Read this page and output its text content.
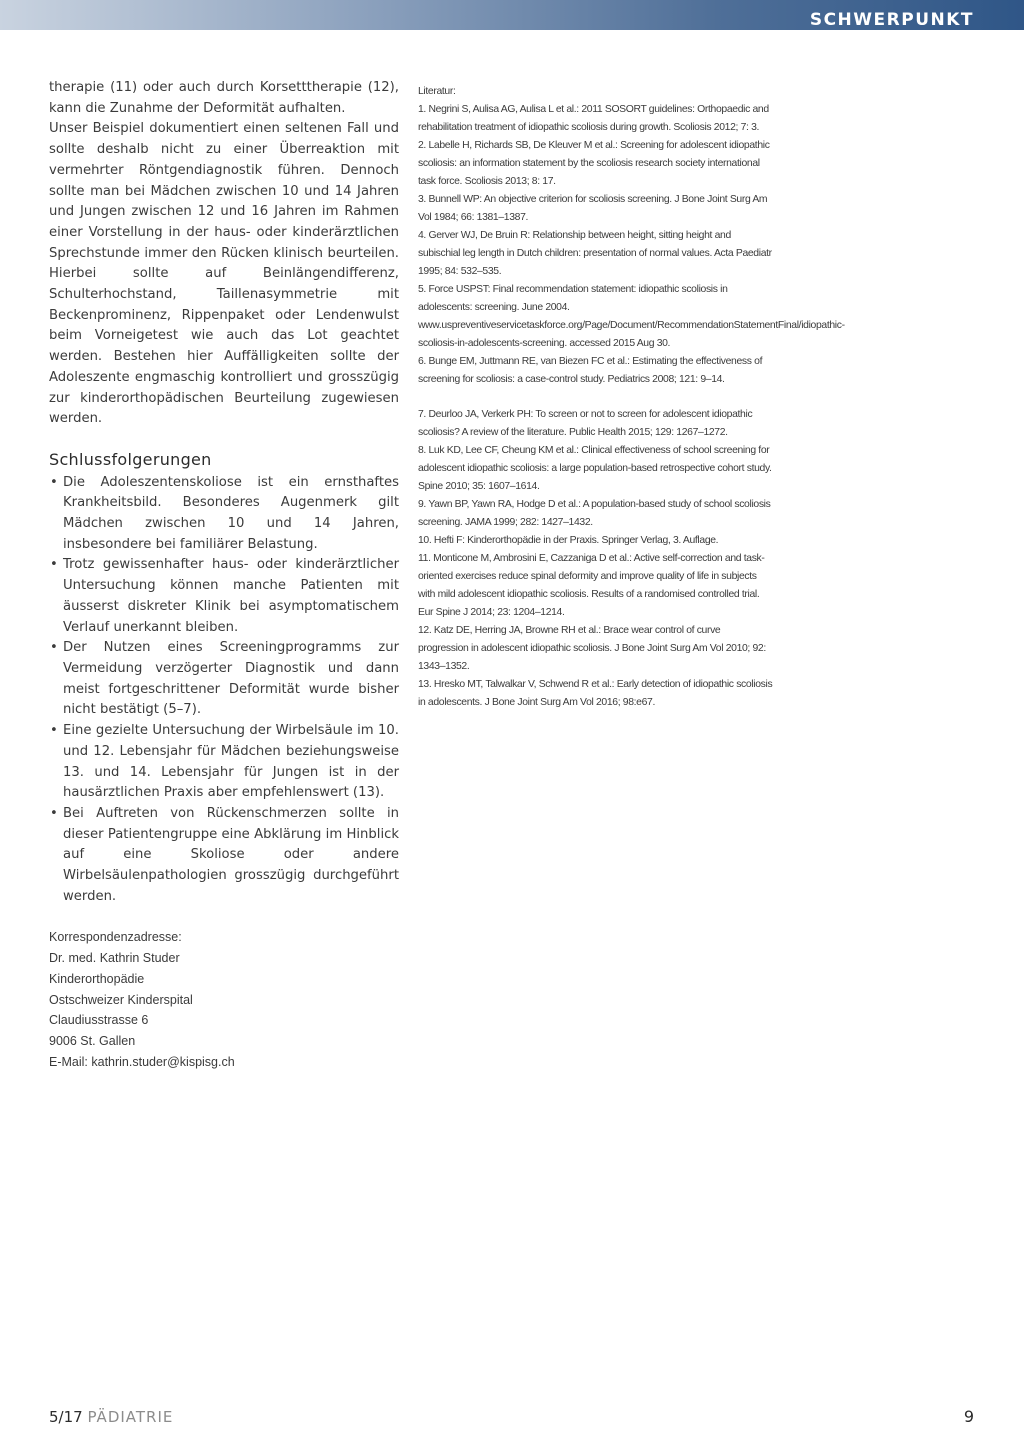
SCHWERPUNKT

therapie (11) oder auch durch Korsetttherapie (12), kann die Zunahme der Deformität aufhalten.

Unser Beispiel dokumentiert einen seltenen Fall und sollte deshalb nicht zu einer Überreaktion mit vermehrter Röntgendiagnostik führen. Dennoch sollte man bei Mädchen zwischen 10 und 14 Jahren und Jungen zwischen 12 und 16 Jahren im Rahmen einer Vorstellung in der haus- oder kinderärztlichen Sprechstunde immer den Rücken klinisch beurteilen. Hierbei sollte auf Beinlängendifferenz, Schulterhochstand, Taillenasymmetrie mit Beckenprominenz, Rippenpaket oder Lendenwulst beim Vorneigetest wie auch das Lot geachtet werden. Bestehen hier Auffälligkeiten sollte der Adoleszente engmaschig kontrolliert und grosszügig zur kinderorthopädischen Beurteilung zugewiesen werden.

Schlussfolgerungen
• Die Adoleszentenskoliose ist ein ernsthaftes Krankheitsbild. Besonderes Augenmerk gilt Mädchen zwischen 10 und 14 Jahren, insbesondere bei familiärer Belastung.
• Trotz gewissenhafter haus- oder kinderärztlicher Untersuchung können manche Patienten mit äusserst diskreter Klinik bei asymptomatischem Verlauf unerkannt bleiben.
• Der Nutzen eines Screeningprogramms zur Vermeidung verzögerter Diagnostik und dann meist fortgeschrittener Deformität wurde bisher nicht bestätigt (5–7).
• Eine gezielte Untersuchung der Wirbelsäule im 10. und 12. Lebensjahr für Mädchen beziehungsweise 13. und 14. Lebensjahr für Jungen ist in der hausärztlichen Praxis aber empfehlenswert (13).
• Bei Auftreten von Rückenschmerzen sollte in dieser Patientengruppe eine Abklärung im Hinblick auf eine Skoliose oder andere Wirbelsäulenpathologien grosszügig durchgeführt werden.
Korrespondenzadresse:
Dr. med. Kathrin Studer
Kinderorthopädie
Ostschweizer Kinderspital
Claudiusstrasse 6
9006 St. Gallen
E-Mail: kathrin.studer@kispisg.ch

Literatur:

1. Negrini S, Aulisa AG, Aulisa L et al.: 2011 SOSORT guidelines: Orthopaedic and rehabilitation treatment of idiopathic scoliosis during growth. Scoliosis 2012; 7: 3.

2. Labelle H, Richards SB, De Kleuver M et al.: Screening for adolescent idiopathic scoliosis: an information statement by the scoliosis research society international task force. Scoliosis 2013; 8: 17.

3. Bunnell WP: An objective criterion for scoliosis screening. J Bone Joint Surg Am Vol 1984; 66: 1381–1387.

4. Gerver WJ, De Bruin R: Relationship between height, sitting height and subischial leg length in Dutch children: presentation of normal values. Acta Paediatr 1995; 84: 532–535.

5. Force USPST: Final recommendation statement: idiopathic scoliosis in adolescents: screening. June 2004. www.uspreventiveservicetaskforce.org/Page/Document/RecommendationStatementFinal/idiopathic-scoliosis-in-adolescents-screening. accessed 2015 Aug 30.

6. Bunge EM, Juttmann RE, van Biezen FC et al.: Estimating the effectiveness of screening for scoliosis: a case-control study. Pediatrics 2008; 121: 9–14.

7. Deurloo JA, Verkerk PH: To screen or not to screen for adolescent idiopathic scoliosis? A review of the literature. Public Health 2015; 129: 1267–1272.

8. Luk KD, Lee CF, Cheung KM et al.: Clinical effectiveness of school screening for adolescent idiopathic scoliosis: a large population-based retrospective cohort study. Spine 2010; 35: 1607–1614.

9. Yawn BP, Yawn RA, Hodge D et al.: A population-based study of school scoliosis screening. JAMA 1999; 282: 1427–1432.

10. Hefti F: Kinderorthopädie in der Praxis. Springer Verlag, 3. Auflage.

11. Monticone M, Ambrosini E, Cazzaniga D et al.: Active self-correction and task-oriented exercises reduce spinal deformity and improve quality of life in subjects with mild adolescent idiopathic scoliosis. Results of a randomised controlled trial. Eur Spine J 2014; 23: 1204–1214.

12. Katz DE, Herring JA, Browne RH et al.: Brace wear control of curve progression in adolescent idiopathic scoliosis. J Bone Joint Surg Am Vol 2010; 92: 1343–1352.

13. Hresko MT, Talwalkar V, Schwend R et al.: Early detection of idiopathic scoliosis in adolescents. J Bone Joint Surg Am Vol 2016; 98:e67.

5/17 PÄDIATRIE	9
